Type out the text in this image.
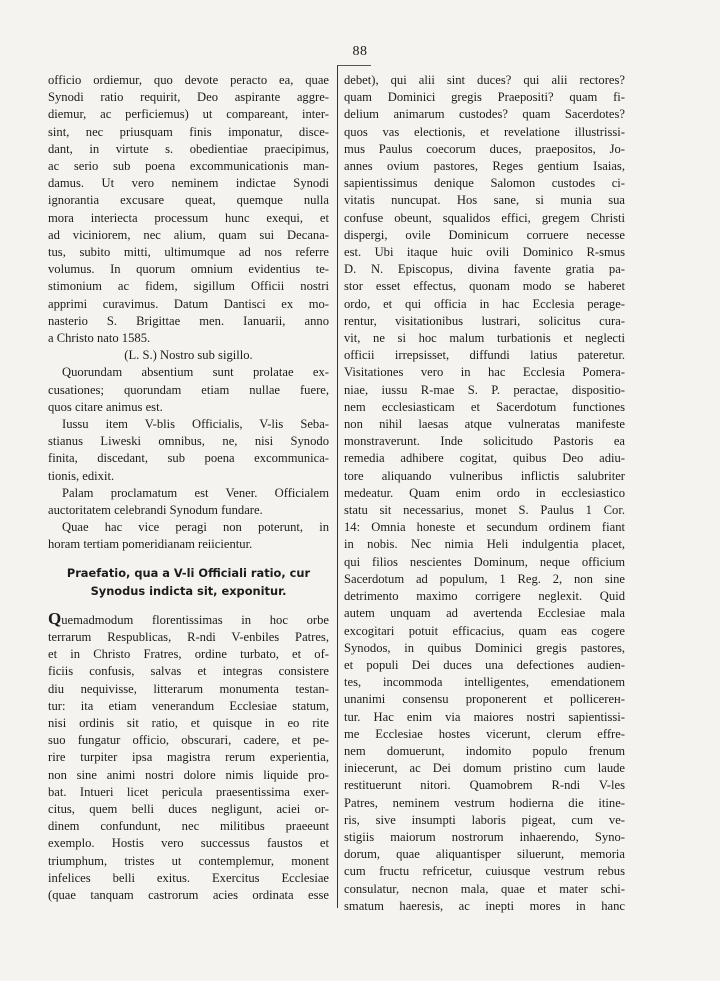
88
officio ordiemur, quo devote peracto ea, quae
Synodi ratio requirit, Deo aspirante aggre-
diemur, ac perficiemus) ut compareant, inter-
sint, nec priusquam finis imponatur, disce-
dant, in virtute s. obedientiae praecipimus,
ac serio sub poena excommunicationis man-
damus. Ut vero neminem indictae Synodi
ignorantia excusare queat, quemque nulla
mora interiecta processum hunc exequi, et
ad viciniorem, nec alium, quam sui Decana-
tus, subito mitti, ultimumque ad nos referre
volumus. In quorum omnium evidentius te-
stimonium ac fidem, sigillum Officii nostri
apprimi curavimus. Datum Dantisci ex mo-
nasterio S. Brigittae men. Ianuarii, anno
a Christo nato 1585.
(L. S.) Nostro sub sigillo.
Quorundam absentium sunt prolatae ex-
cusationes; quorundam etiam nullae fuere,
quos citare animus est.
Iussu item V-blis Officialis, V-lis Seba-
stianus Liweski omnibus, ne, nisi Synodo
finita, discedant, sub poena excommunica-
tionis, edixit.
Palam proclamatum est Vener. Officialem
auctoritatem celebrandi Synodum fundare.
Quae hac vice peragi non poterunt, in
horam tertiam pomeridianam reiicientur.
Praefatio, qua a V-li Officiali ratio, cur
Synodus indicta sit, exponitur.
Quemadmodum florentissimas in hoc orbe
terrarum Respublicas, R-ndi V-enbiles Patres,
et in Christo Fratres, ordine turbato, et of-
ficiis confusis, salvas et integras consistere
diu nequivisse, litterarum monumenta testan-
tur: ita etiam venerandum Ecclesiae statum,
nisi ordinis sit ratio, et quisque in eo rite
suo fungatur officio, obscurari, cadere, et pe-
rire turpiter ipsa magistra rerum experientia,
non sine animi nostri dolore nimis liquide pro-
bat. Intueri licet pericula praesentissima exer-
citus, quem belli duces negligunt, aciei or-
dinem confundunt, nec militibus praeeunt
exemplo. Hostis vero successus faustos et
triumphum, tristes ut contemplemur, monent
infelices belli exitus. Exercitus Ecclesiae
(quae tanquam castrorum acies ordinata esse
debet), qui alii sint duces? qui alii rectores?
quam Dominici gregis Praepositi? quam fi-
delium animarum custodes? quam Sacerdotes?
quos vas electionis, et revelatione illustrissi-
mus Paulus coecorum duces, praepositos, Jo-
annes ovium pastores, Reges gentium Isaias,
sapientissimus denique Salomon custodes ci-
vitatis nuncupat. Hos sane, si munia sua
confuse obeunt, squalidos effici, gregem Christi
dispergi, ovile Dominicum corruere necesse
est. Ubi itaque huic ovili Dominico R-smus
D. N. Episcopus, divina favente gratia pa-
stor esset effectus, quonam modo se haberet
ordo, et qui officia in hac Ecclesia perage-
rentur, visitationibus lustrari, solicitus cura-
vit, ne si hoc malum turbationis et neglecti
officii irrepsisset, diffundi latius pateretur.
Visitationes vero in hac Ecclesia Pomera-
niae, iussu R-mae S. P. peractae, dispositio-
nem ecclesiasticam et Sacerdotum functiones
non nihil laesas atque vulneratas manifeste
monstraverunt. Inde solicitudo Pastoris ea
remedia adhibere cogitat, quibus Deo adiu-
tore aliquando vulneribus inflictis salubriter
medeatur. Quam enim ordo in ecclesiastico
statu sit necessarius, monet S. Paulus 1 Cor.
14: Omnia honeste et secundum ordinem fiant
in nobis. Nec nimia Heli indulgentia placet,
qui filios nescientes Dominum, neque officium
Sacerdotum ad populum, 1 Reg. 2, non sine
detrimento maximo corrigere neglexit. Quid
autem unquam ad avertenda Ecclesiae mala
excogitari potuit efficacius, quam eas cogere
Synodos, in quibus Dominici gregis pastores,
et populi Dei duces una defectiones audien-
tes, incommoda intelligentes, emendationem
unanimi consensu proponerent et pollicerен-
tur. Hac enim via maiores nostri sapientissi-
me Ecclesiae hostes vicerunt, clerum effre-
nem domuerunt, indomito populo frenum
iniecerunt, ac Dei domum pristino cum laude
restituerunt nitori. Quamobrem R-ndi V-les
Patres, neminem vestrum hodierna die itine-
ris, sive insumpti laboris pigeat, cum ve-
stigiis maiorum nostrorum inhaerendo, Syno-
dorum, quae aliquantisper siluerunt, memoria
cum fructu refricetur, cuiusque vestrum rebus
consulatur, necnon mala, quae et mater schi-
smatum haeresis, ac inepti mores in hanc
